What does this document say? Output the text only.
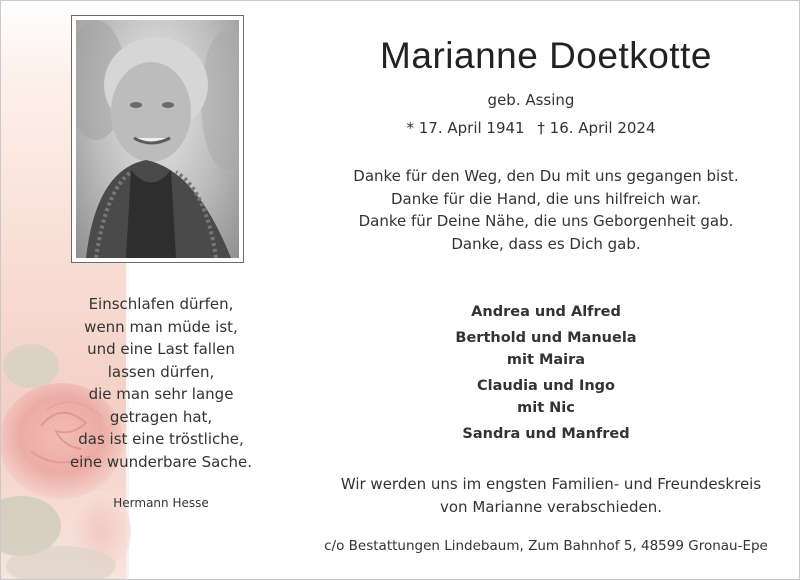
Marianne Doetkotte
geb. Assing
* 17. April 1941 † 16. April 2024
Danke für den Weg, den Du mit uns gegangen bist.
Danke für die Hand, die uns hilfreich war.
Danke für Deine Nähe, die uns Geborgenheit gab.
Danke, dass es Dich gab.
Andrea und Alfred
Berthold und Manuela
mit Maira
Claudia und Ingo
mit Nic
Sandra und Manfred
Einschlafen dürfen,
wenn man müde ist,
und eine Last fallen
lassen dürfen,
die man sehr lange
getragen hat,
das ist eine tröstliche,
eine wunderbare Sache.
Hermann Hesse
Wir werden uns im engsten Familien- und Freundeskreis
von Marianne verabschieden.
c/o Bestattungen Lindebaum, Zum Bahnhof 5, 48599 Gronau-Epe
